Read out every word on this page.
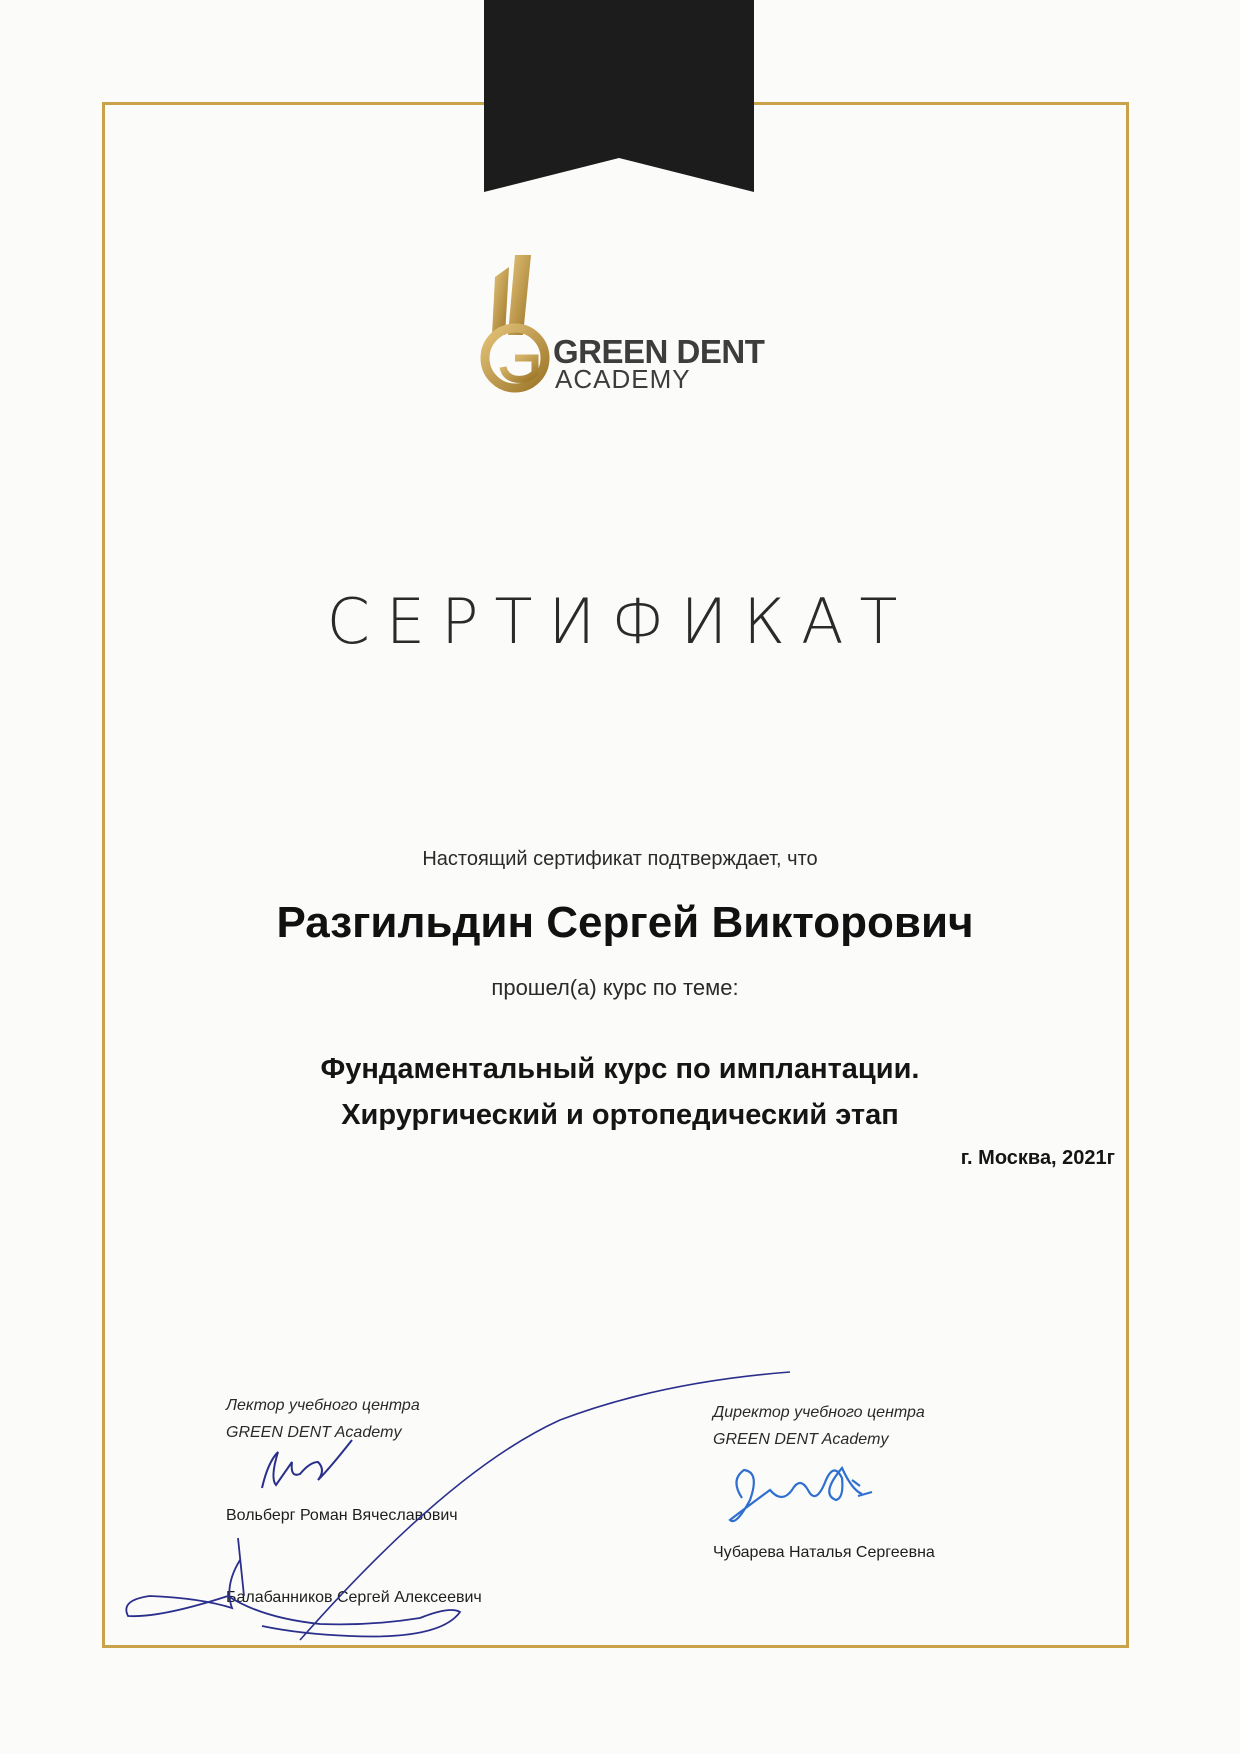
GREEN DENT
ACADEMY
СЕРТИФИКАТ
Настоящий сертификат подтверждает, что
Разгильдин Сергей Викторович
прошел(а) курс по теме:
Фундаментальный курс по имплантации.
Хирургический и ортопедический этап
г. Москва, 2021г
Лектор учебного центра
GREEN DENT Academy
Вольберг Роман Вячеславович
Балабанников Сергей Алексеевич
Директор учебного центра
GREEN DENT Academy
Чубарева Наталья Сергеевна
